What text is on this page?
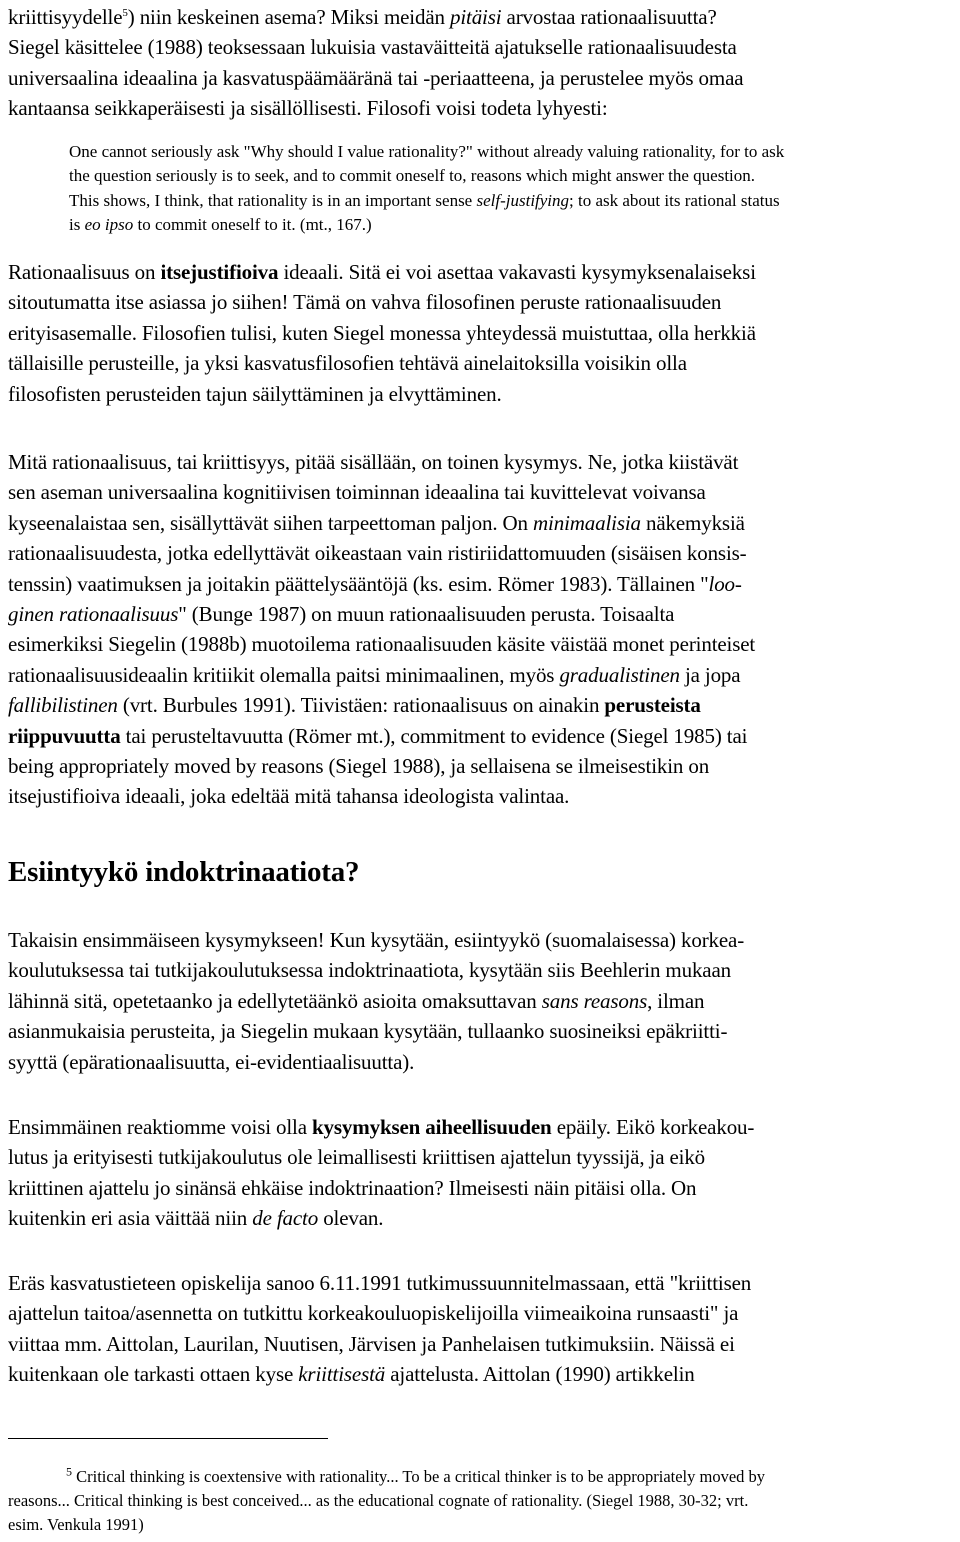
kriittisyydelle$^5$) niin keskeinen asema? Miksi meidän pitäisi arvostaa rationaalisuutta?
Siegel käsittelee (1988) teoksessaan lukuisia vastaväitteitä ajatukselle rationaalisuudesta
universaalina ideaalina ja kasvatuspäämääränä tai -periaatteena, ja perustelee myös omaa
kantaansa seikkaperäisesti ja sisällöllisesti. Filosofi voisi todeta lyhyesti:

One cannot seriously ask "Why should I value rationality?" without already valuing rationality, for to ask
the question seriously is to seek, and to commit oneself to, reasons which might answer the question.
This shows, I think, that rationality is in an important sense self-justifying; to ask about its rational status
is eo ipso to commit oneself to it. (mt., 167.)

Rationaalisuus on itsejustifioiva ideaali. Sitä ei voi asettaa vakavasti kysymyksenalaiseksi
sitoutumatta itse asiassa jo siihen! Tämä on vahva filosofinen peruste rationaalisuuden
erityisasemalle. Filosofien tulisi, kuten Siegel monessa yhteydessä muistuttaa, olla herkkiä
tällaisille perusteille, ja yksi kasvatusfilosofien tehtävä ainelaitoksilla voisikin olla
filosofisten perusteiden tajun säilyttäminen ja elvyttäminen.

Mitä rationaalisuus, tai kriittisyys, pitää sisällään, on toinen kysymys. Ne, jotka kiistävät
sen aseman universaalina kognitiivisen toiminnan ideaalina tai kuvittelevat voivansa
kyseenalaistaa sen, sisällyttävät siihen tarpeettoman paljon. On minimaalisia näkemyksiä
rationaalisuudesta, jotka edellyttävät oikeastaan vain ristiriidattomuuden (sisäisen konsis-
tenssin) vaatimuksen ja joitakin päättelysääntöjä (ks. esim. Römer 1983). Tällainen "loo-
ginen rationaalisuus" (Bunge 1987) on muun rationaalisuuden perusta. Toisaalta
esimerkiksi Siegelin (1988b) muotoilema rationaalisuuden käsite väistää monet perinteiset
rationaalisuusideaalin kritiikit olemalla paitsi minimaalinen, myös gradualistinen ja jopa
fallibilistinen (vrt. Burbules 1991). Tiivistäen: rationaalisuus on ainakin perusteista
riippuvuutta tai perusteltavuutta (Römer mt.), commitment to evidence (Siegel 1985) tai
being appropriately moved by reasons (Siegel 1988), ja sellaisena se ilmeisestikin on
itsejustifioiva ideaali, joka edeltää mitä tahansa ideologista valintaa.

Esiintyykö indoktrinaatiota?

Takaisin ensimmäiseen kysymykseen! Kun kysytään, esiintyykö (suomalaisessa) korkea-
koulutuksessa tai tutkijakoulutuksessa indoktrinaatiota, kysytään siis Beehlerin mukaan
lähinnä sitä, opetetaanko ja edellytetäänkö asioita omaksuttavan sans reasons, ilman
asianmukaisia perusteita, ja Siegelin mukaan kysytään, tullaanko suosineiksi epäkriitti-
syyttä (epärationaalisuutta, ei-evidentiaalisuutta).

Ensimmäinen reaktiomme voisi olla kysymyksen aiheellisuuden epäily. Eikö korkeakou-
lutus ja erityisesti tutkijakoulutus ole leimallisesti kriittisen ajattelun tyyssijä, ja eikö
kriittinen ajattelu jo sinänsä ehkäise indoktrinaation? Ilmeisesti näin pitäisi olla. On
kuitenkin eri asia väittää niin de facto olevan.

Eräs kasvatustieteen opiskelija sanoo 6.11.1991 tutkimussuunnitelmassaan, että "kriittisen
ajattelun taitoa/asennetta on tutkittu korkeakouluopiskelijoilla viimeaikoina runsaasti" ja
viittaa mm. Aittolan, Laurilan, Nuutisen, Järvisen ja Panhelaisen tutkimuksiin. Näissä ei
kuitenkaan ole tarkasti ottaen kyse kriittisestä ajattelusta. Aittolan (1990) artikkelin

$^5$ Critical thinking is coextensive with rationality... To be a critical thinker is to be appropriately moved by
reasons... Critical thinking is best conceived... as the educational cognate of rationality. (Siegel 1988, 30-32; vrt.
esim. Venkula 1991)
